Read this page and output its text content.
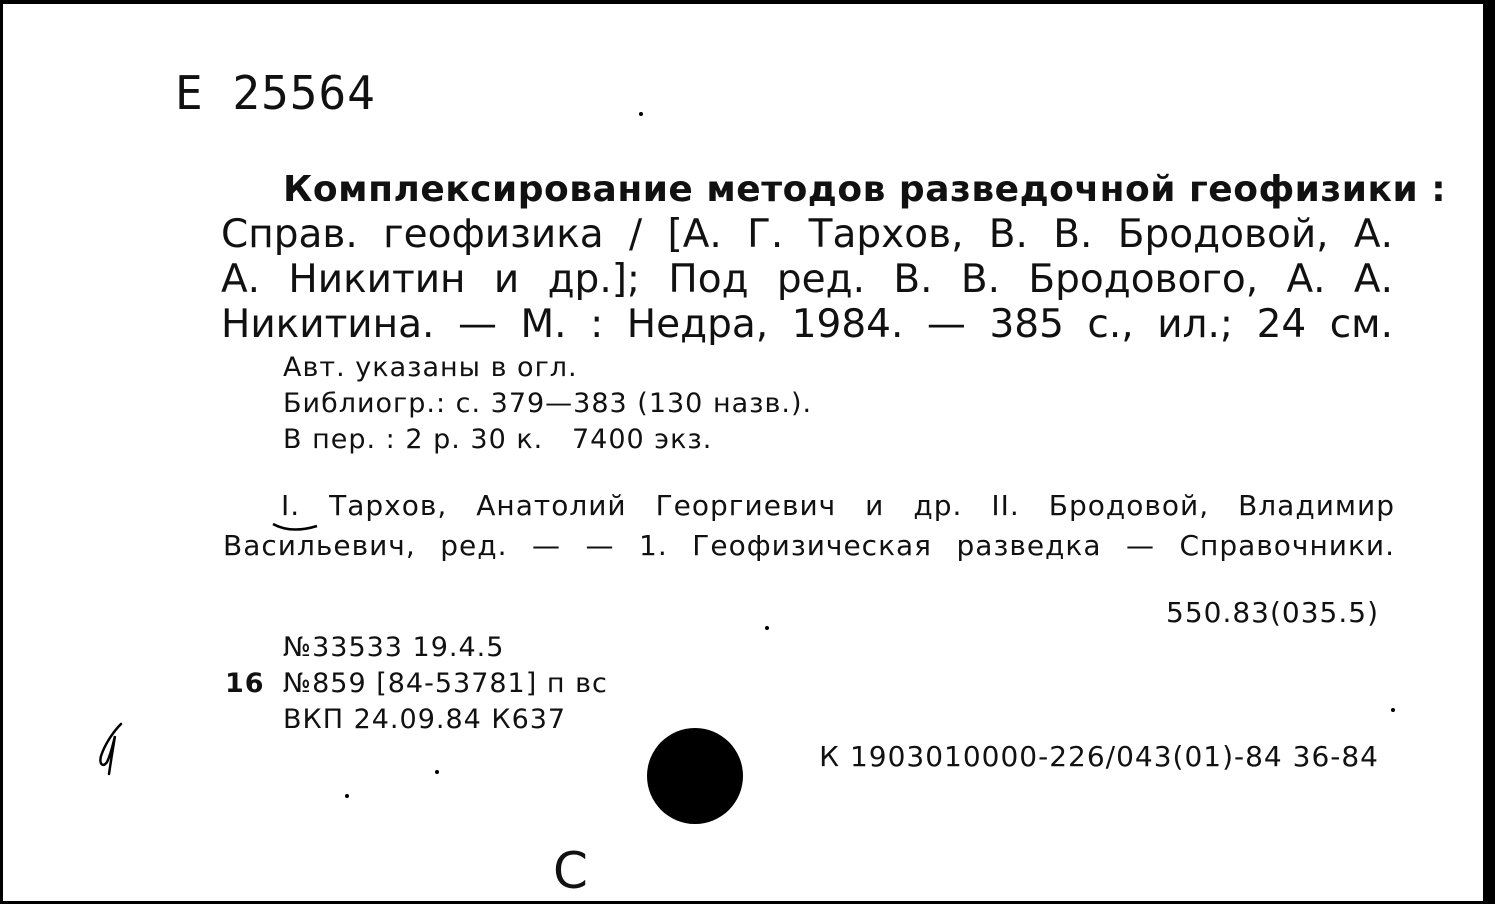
Е 25564
Комплексирование методов разведочной геофизики :
Справ. геофизика / [А. Г. Тархов, В. В. Бродовой, А.
А. Никитин и др.]; Под ред. В. В. Бродового, А. А.
Никитина. — М. : Недра, 1984. — 385 с., ил.; 24 см.
Авт. указаны в огл.
Библиогр.: с. 379—383 (130 назв.).
В пер. : 2 р. 30 к.   7400 экз.
I. Тархов, Анатолий Георгиевич и др. II. Бродовой, Владимир
Васильевич, ред. — — 1. Геофизическая разведка — Справочники.
550.83(035.5)
№33533 19.4.5
16 №859 [84-53781] п вс
ВКП 24.09.84 К637
К 1903010000-226/043(01)-84 36-84
С
